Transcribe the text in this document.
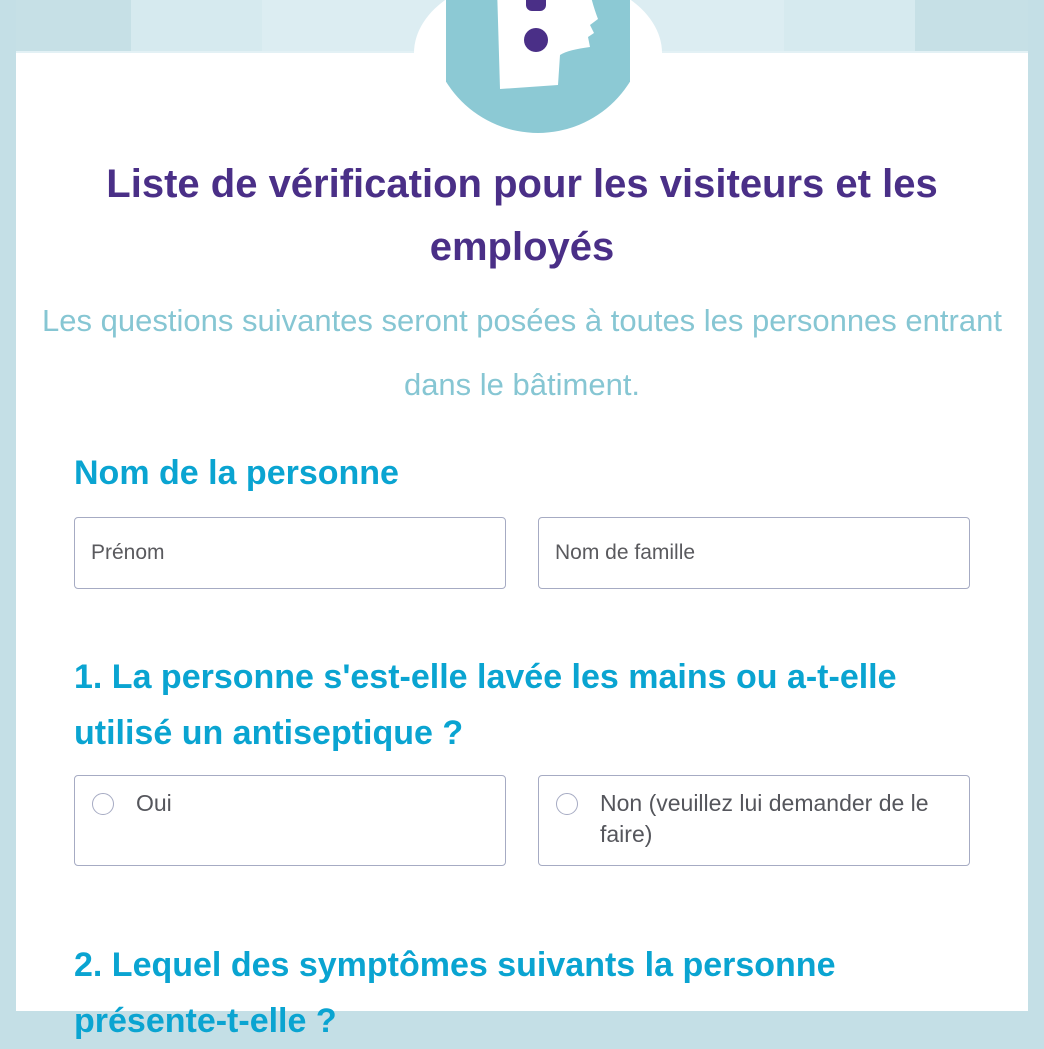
Liste de vérification pour les visiteurs et les employés

Les questions suivantes seront posées à toutes les personnes entrant dans le bâtiment.

Nom de la personne
Prénom
Nom de famille
1. La personne s'est-elle lavée les mains ou a-t-elle utilisé un antiseptique ?
Oui	Non (veuillez lui demander de le faire)
2. Lequel des symptômes suivants la personne présente-t-elle ?
